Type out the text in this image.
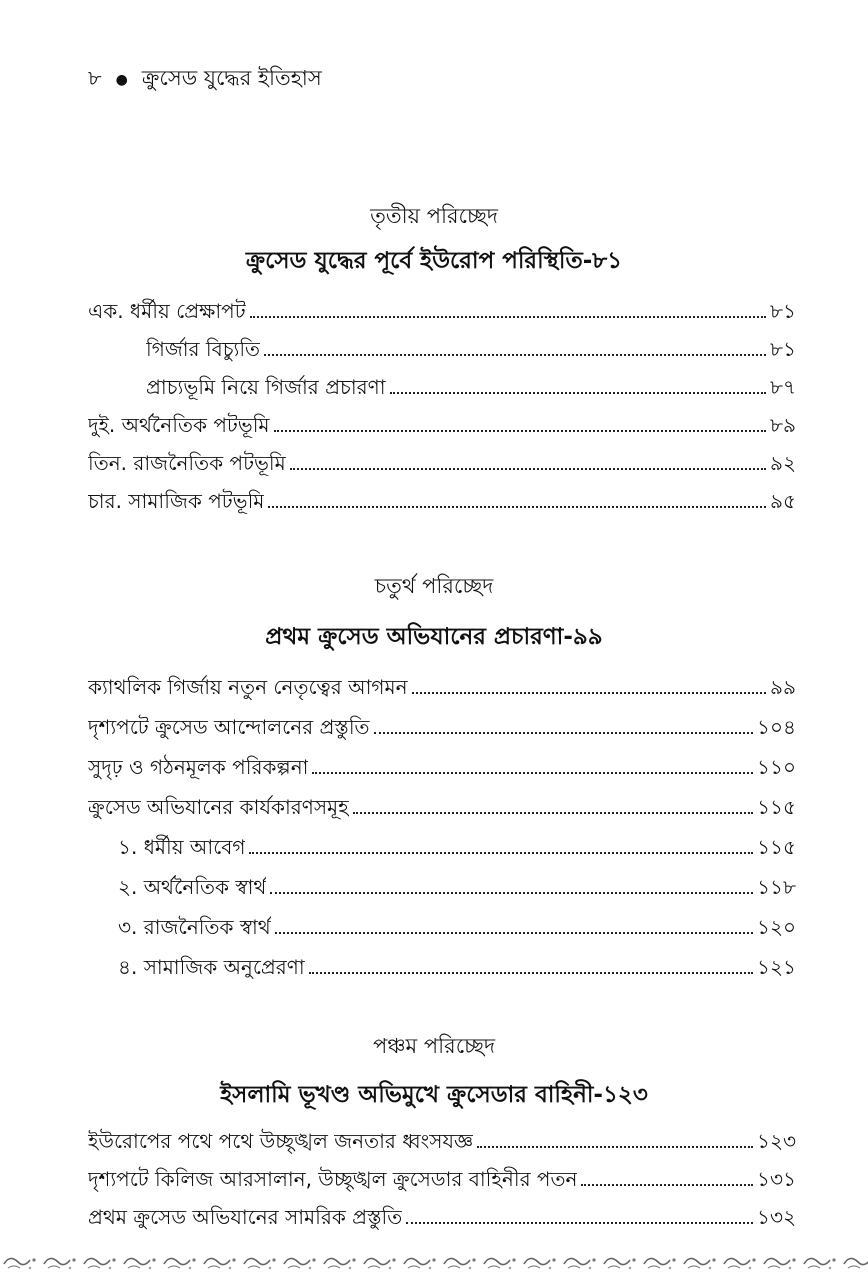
৮ ● ক্রুসেড যুদ্ধের ইতিহাস
তৃতীয় পরিচ্ছেদ
ক্রুসেড যুদ্ধের পূর্বে ইউরোপ পরিস্থিতি-৮১
এক. ধর্মীয় প্রেক্ষাপট	৮১
গির্জার বিচ্যুতি	৮১
প্রাচ্যভূমি নিয়ে গির্জার প্রচারণা	৮৭
দুই. অর্থনৈতিক পটভূমি	৮৯
তিন. রাজনৈতিক পটভূমি	৯২
চার. সামাজিক পটভূমি	৯৫
চতুর্থ পরিচ্ছেদ
প্রথম ক্রুসেড অভিযানের প্রচারণা-৯৯
ক্যাথলিক গির্জায় নতুন নেতৃত্বের আগমন	৯৯
দৃশ্যপটে ক্রুসেড আন্দোলনের প্রস্তুতি	১০৪
সুদৃঢ় ও গঠনমূলক পরিকল্পনা	১১০
ক্রুসেড অভিযানের কার্যকারণসমূহ	১১৫
১. ধর্মীয় আবেগ	১১৫
২. অর্থনৈতিক স্বার্থ	১১৮
৩. রাজনৈতিক স্বার্থ	১২০
৪. সামাজিক অনুপ্রেরণা	১২১
পঞ্চম পরিচ্ছেদ
ইসলামি ভূখণ্ড অভিমুখে ক্রুসেডার বাহিনী-১২৩
ইউরোপের পথে পথে উচ্ছৃঙ্খল জনতার ধ্বংসযজ্ঞ	১২৩
দৃশ্যপটে কিলিজ আরসালান, উচ্ছৃঙ্খল ক্রুসেডার বাহিনীর পতন	১৩১
প্রথম ক্রুসেড অভিযানের সামরিক প্রস্তুতি	১৩২
